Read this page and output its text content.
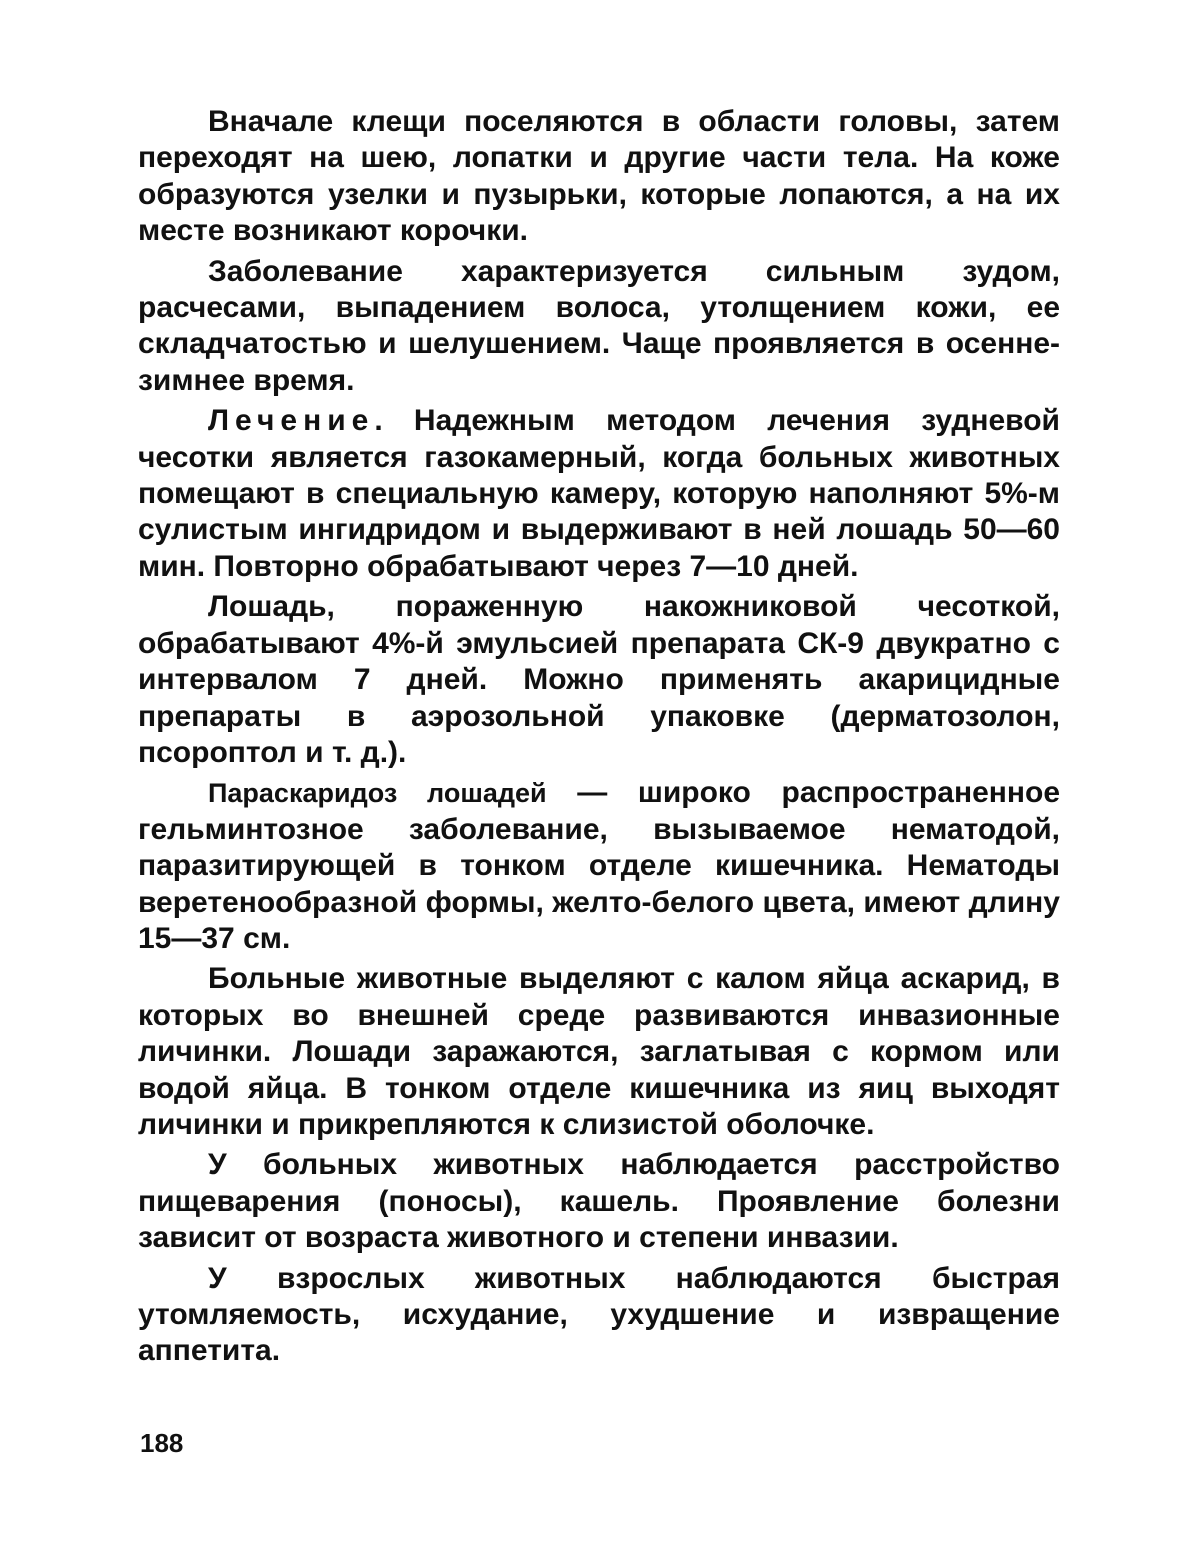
Вначале клещи поселяются в области головы, затем переходят на шею, лопатки и другие части тела. На коже образуются узелки и пузырьки, которые лопаются, а на их месте возникают корочки.

Заболевание характеризуется сильным зудом, расчесами, выпадением волоса, утолщением кожи, ее складчатостью и шелушением. Чаще проявляется в осенне-зимнее время.

Лечение. Надежным методом лечения зудневой чесотки является газокамерный, когда больных животных помещают в специальную камеру, которую наполняют 5%-м сулистым ингидридом и выдерживают в ней лошадь 50—60 мин. Повторно обрабатывают через 7—10 дней.

Лошадь, пораженную накожниковой чесоткой, обрабатывают 4%-й эмульсией препарата СК-9 двукратно с интервалом 7 дней. Можно применять акарицидные препараты в аэрозольной упаковке (дерматозолон, псороптол и т. д.).

Параскаридоз лошадей — широко распространенное гельминтозное заболевание, вызываемое нематодой, паразитирующей в тонком отделе кишечника. Нематоды веретенообразной формы, желто-белого цвета, имеют длину 15—37 см.

Больные животные выделяют с калом яйца аскарид, в которых во внешней среде развиваются инвазионные личинки. Лошади заражаются, заглатывая с кормом или водой яйца. В тонком отделе кишечника из яиц выходят личинки и прикрепляются к слизистой оболочке.

У больных животных наблюдается расстройство пищеварения (поносы), кашель. Проявление болезни зависит от возраста животного и степени инвазии.

У взрослых животных наблюдаются быстрая утомляемость, исхудание, ухудшение и извращение аппетита.

188
